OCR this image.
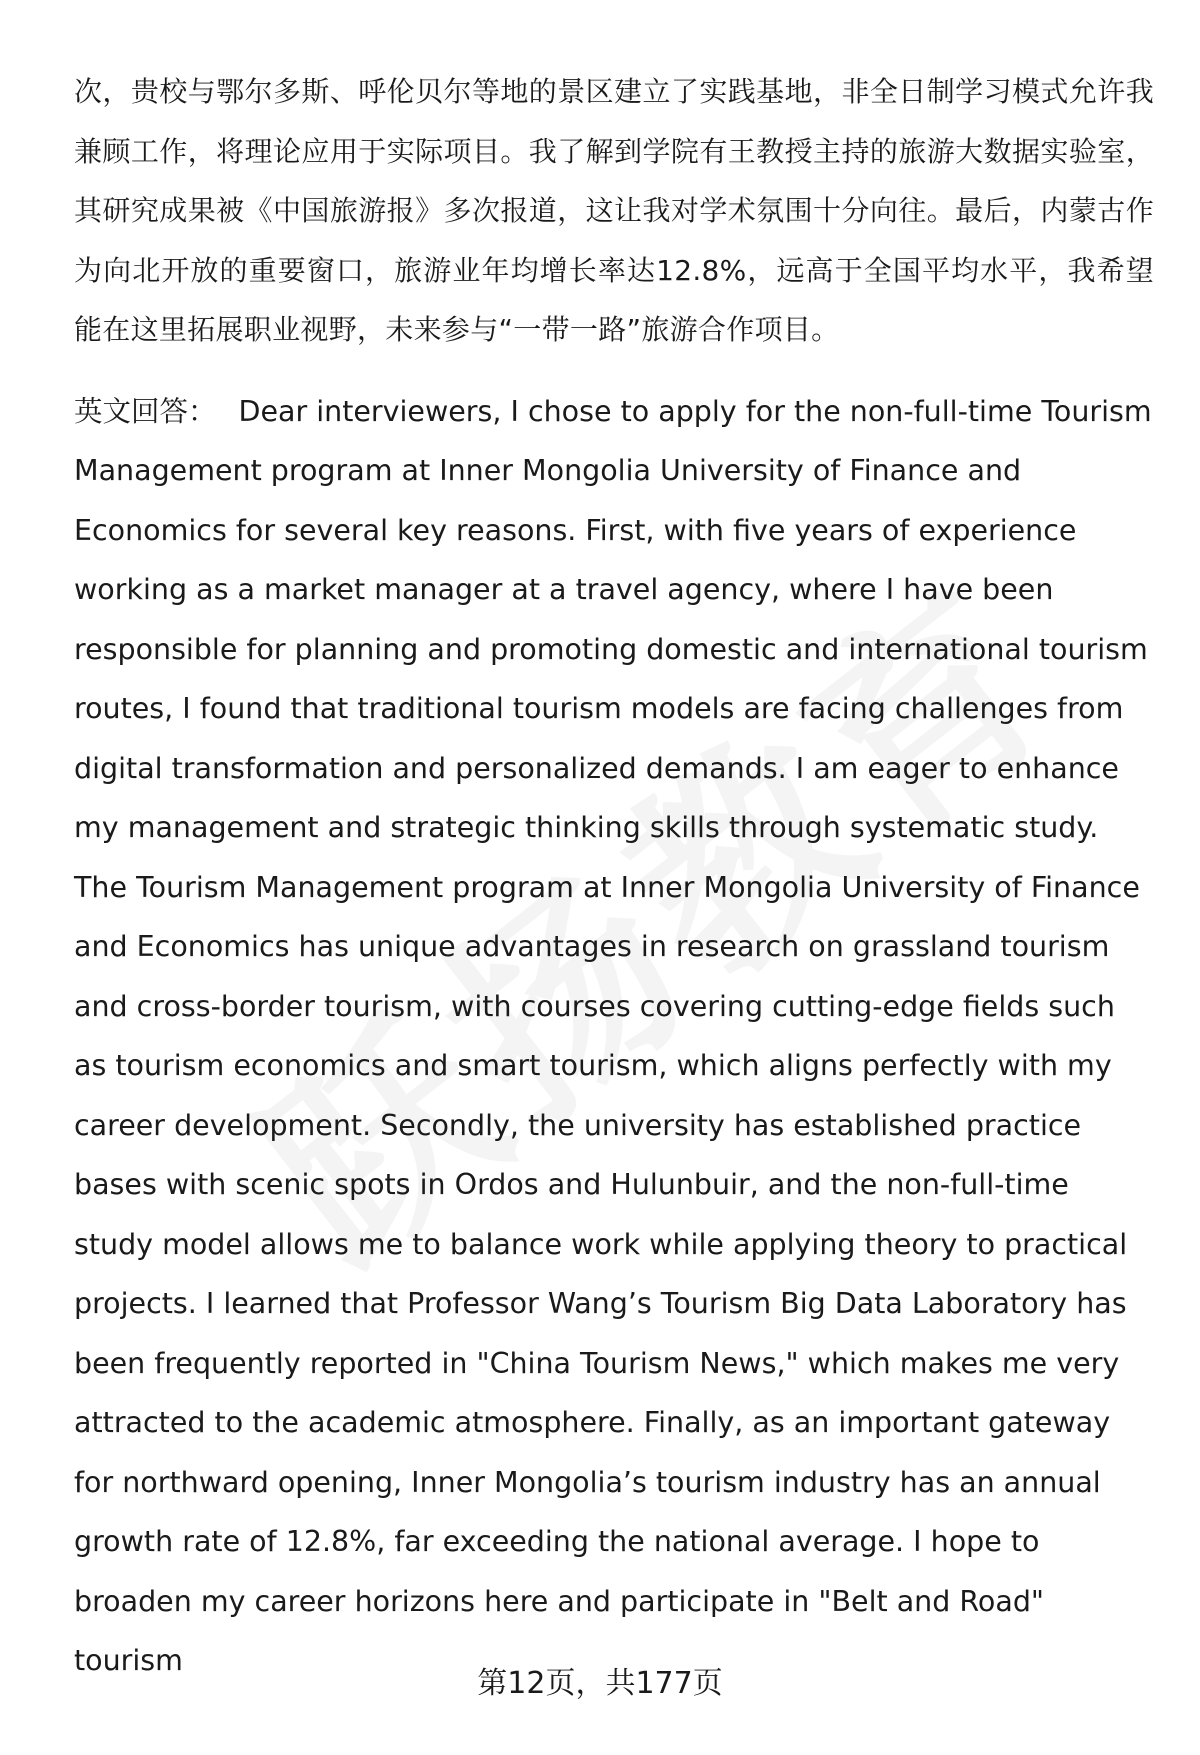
次，贵校与鄂尔多斯、呼伦贝尔等地的景区建立了实践基地，非全日制学习模式允许我兼顾工作，将理论应用于实际项目。我了解到学院有王教授主持的旅游大数据实验室，其研究成果被《中国旅游报》多次报道，这让我对学术氛围十分向往。最后，内蒙古作为向北开放的重要窗口，旅游业年均增长率达12.8%，远高于全国平均水平，我希望能在这里拓展职业视野，未来参与“一带一路”旅游合作项目。

英文回答： Dear interviewers, I chose to apply for the non-full-time Tourism Management program at Inner Mongolia University of Finance and Economics for several key reasons. First, with five years of experience working as a market manager at a travel agency, where I have been responsible for planning and promoting domestic and international tourism routes, I found that traditional tourism models are facing challenges from digital transformation and personalized demands. I am eager to enhance my management and strategic thinking skills through systematic study. The Tourism Management program at Inner Mongolia University of Finance and Economics has unique advantages in research on grassland tourism and cross-border tourism, with courses covering cutting-edge fields such as tourism economics and smart tourism, which aligns perfectly with my career development. Secondly, the university has established practice bases with scenic spots in Ordos and Hulunbuir, and the non-full-time study model allows me to balance work while applying theory to practical projects. I learned that Professor Wang’s Tourism Big Data Laboratory has been frequently reported in "China Tourism News," which makes me very attracted to the academic atmosphere. Finally, as an important gateway for northward opening, Inner Mongolia’s tourism industry has an annual growth rate of 12.8%, far exceeding the national average. I hope to broaden my career horizons here and participate in "Belt and Road" tourism

第12页，共177页
